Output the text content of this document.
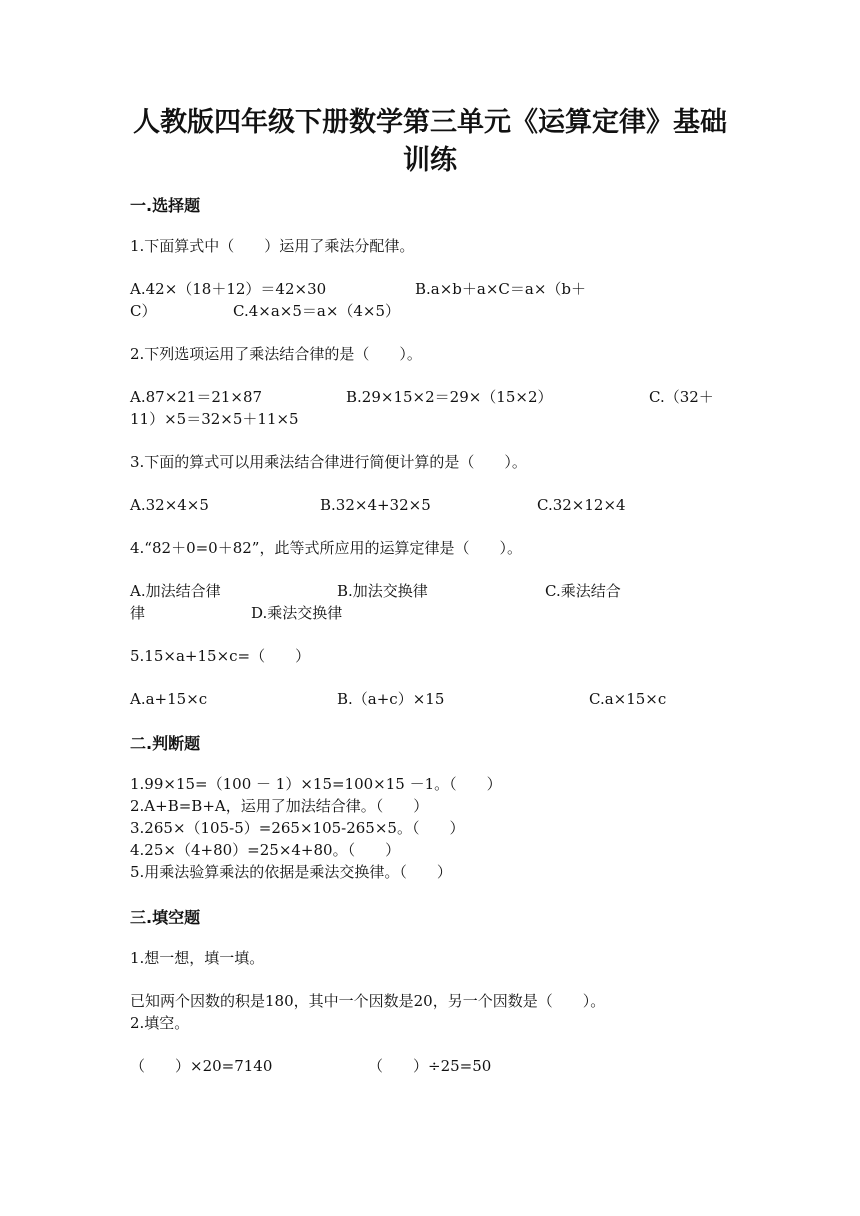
人教版四年级下册数学第三单元《运算定律》基础
训练
一.选择题
1.下面算式中（　　）运用了乘法分配律。
A.42×（18＋12）＝42×30	B.a×b＋a×C＝a×（b＋
C）	C.4×a×5＝a×（4×5）
2.下列选项运用了乘法结合律的是（　　）。
A.87×21＝21×87	B.29×15×2＝29×（15×2）	C.（32＋
11）×5＝32×5＋11×5
3.下面的算式可以用乘法结合律进行简便计算的是（　　）。
A.32×4×5	B.32×4+32×5	C.32×12×4
4.“82＋0=0＋82”，此等式所应用的运算定律是（　　）。
A.加法结合律	B.加法交换律	C.乘法结合
律	D.乘法交换律
5.15×a+15×c=（　　）
A.a+15×c	B.（a+c）×15	C.a×15×c
二.判断题
1.99×15=（100 － 1）×15=100×15 －1。（　　）
2.A+B=B+A，运用了加法结合律。（　　）
3.265×（105-5）=265×105-265×5。（　　）
4.25×（4+80）=25×4+80。（　　）
5.用乘法验算乘法的依据是乘法交换律。（　　）
三.填空题
1.想一想，填一填。
已知两个因数的积是180，其中一个因数是20，另一个因数是（　　）。
2.填空。
（　　）×20=7140	（　　）÷25=50
